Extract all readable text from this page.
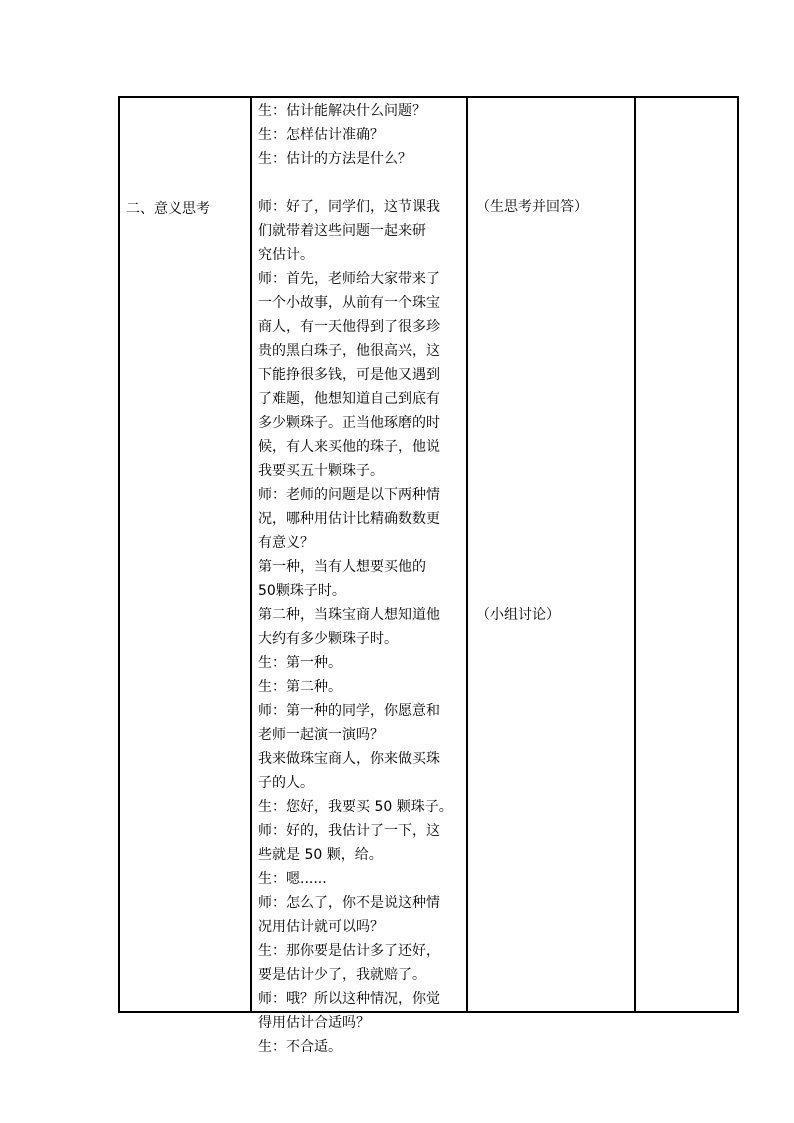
二、意义思考
生：估计能解决什么问题？
生：怎样估计准确？
生：估计的方法是什么？
师：好了，同学们，这节课我
们就带着这些问题一起来研
究估计。
师：首先，老师给大家带来了
一个小故事，从前有一个珠宝
商人，有一天他得到了很多珍
贵的黑白珠子，他很高兴，这
下能挣很多钱，可是他又遇到
了难题，他想知道自己到底有
多少颗珠子。正当他琢磨的时
候，有人来买他的珠子，他说
我要买五十颗珠子。
师：老师的问题是以下两种情
况，哪种用估计比精确数数更
有意义？
第一种，当有人想要买他的
50颗珠子时。
第二种，当珠宝商人想知道他
大约有多少颗珠子时。
生：第一种。
生：第二种。
师：第一种的同学，你愿意和
老师一起演一演吗？
我来做珠宝商人，你来做买珠
子的人。
生：您好，我要买 50 颗珠子。
师：好的，我估计了一下，这
些就是 50 颗，给。
生：嗯......
师：怎么了，你不是说这种情
况用估计就可以吗？
生：那你要是估计多了还好，
要是估计少了，我就赔了。
师：哦？所以这种情况，你觉
得用估计合适吗？
生：不合适。
（生思考并回答）
（小组讨论）
